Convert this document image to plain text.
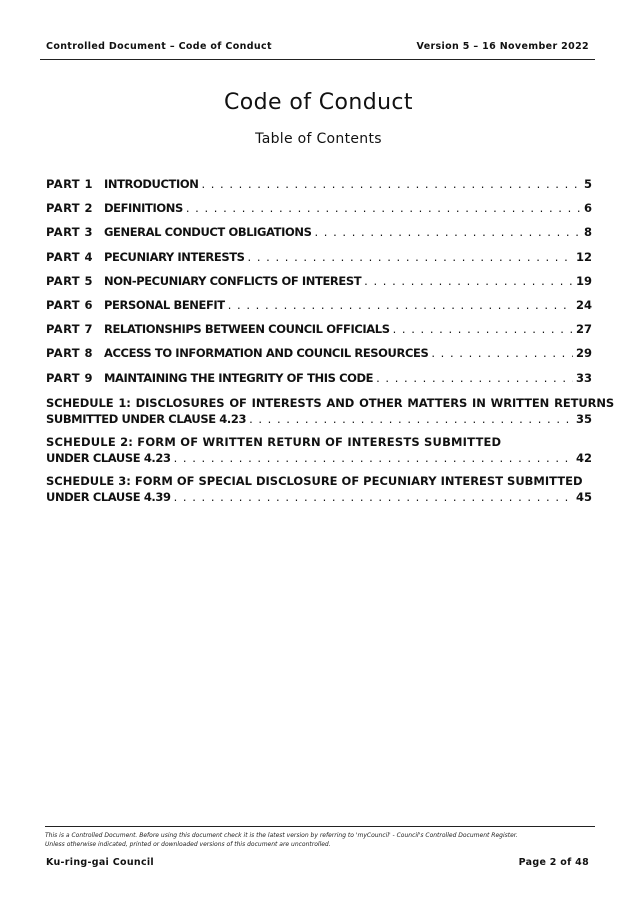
Controlled Document – Code of Conduct	Version 5 – 16 November 2022
Code of Conduct
Table of Contents
PART 1 INTRODUCTION . . .	5
PART 2 DEFINITIONS . . .	6
PART 3 GENERAL CONDUCT OBLIGATIONS . . .	8
PART 4 PECUNIARY INTERESTS . . .	12
PART 5 NON-PECUNIARY CONFLICTS OF INTEREST . . .	19
PART 6 PERSONAL BENEFIT . . .	24
PART 7 RELATIONSHIPS BETWEEN COUNCIL OFFICIALS . . .	27
PART 8 ACCESS TO INFORMATION AND COUNCIL RESOURCES . . .	29
PART 9 MAINTAINING THE INTEGRITY OF THIS CODE . . .	33
SCHEDULE 1: DISCLOSURES OF INTERESTS AND OTHER MATTERS IN WRITTEN RETURNS
SUBMITTED UNDER CLAUSE 4.23 . . .	35
SCHEDULE 2: FORM OF WRITTEN RETURN OF INTERESTS SUBMITTED
UNDER CLAUSE 4.23 . . .	42
SCHEDULE 3: FORM OF SPECIAL DISCLOSURE OF PECUNIARY INTEREST SUBMITTED
UNDER CLAUSE 4.39 . . .	45
This is a Controlled Document. Before using this document check it is the latest version by referring to 'myCouncil' - Council's Controlled Document Register.
Unless otherwise indicated, printed or downloaded versions of this document are uncontrolled.
Ku-ring-gai Council	Page 2 of 48
